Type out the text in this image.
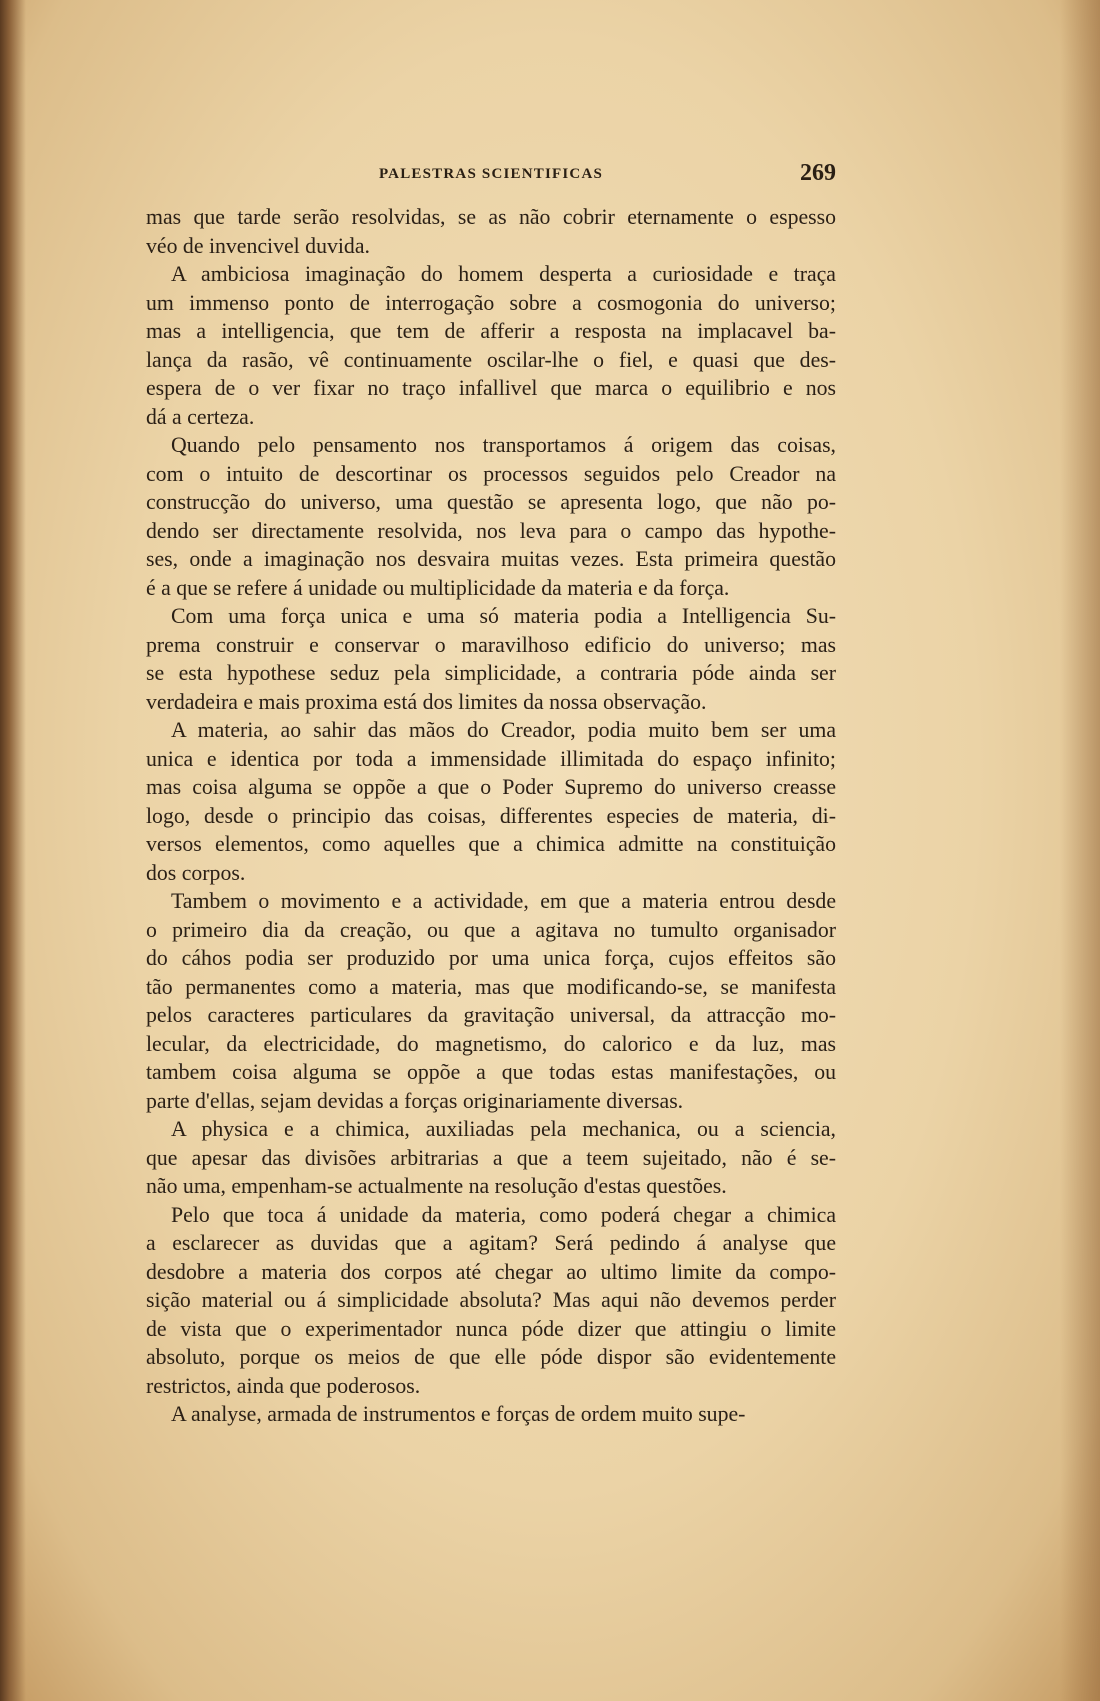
PALESTRAS SCIENTIFICAS	269

mas que tarde serão resolvidas, se as não cobrir eternamente o espesso

véo de invencivel duvida.

A ambiciosa imaginação do homem desperta a curiosidade e traça

um immenso ponto de interrogação sobre a cosmogonia do universo;

mas a intelligencia, que tem de afferir a resposta na implacavel ba-

lança da rasão, vê continuamente oscilar-lhe o fiel, e quasi que des-

espera de o ver fixar no traço infallivel que marca o equilibrio e nos

dá a certeza.

Quando pelo pensamento nos transportamos á origem das coisas,

com o intuito de descortinar os processos seguidos pelo Creador na

construcção do universo, uma questão se apresenta logo, que não po-

dendo ser directamente resolvida, nos leva para o campo das hypothe-

ses, onde a imaginação nos desvaira muitas vezes. Esta primeira questão

é a que se refere á unidade ou multiplicidade da materia e da força.

Com uma força unica e uma só materia podia a Intelligencia Su-

prema construir e conservar o maravilhoso edificio do universo; mas

se esta hypothese seduz pela simplicidade, a contraria póde ainda ser

verdadeira e mais proxima está dos limites da nossa observação.

A materia, ao sahir das mãos do Creador, podia muito bem ser uma

unica e identica por toda a immensidade illimitada do espaço infinito;

mas coisa alguma se oppõe a que o Poder Supremo do universo creasse

logo, desde o principio das coisas, differentes especies de materia, di-

versos elementos, como aquelles que a chimica admitte na constituição

dos corpos.

Tambem o movimento e a actividade, em que a materia entrou desde

o primeiro dia da creação, ou que a agitava no tumulto organisador

do cáhos podia ser produzido por uma unica força, cujos effeitos são

tão permanentes como a materia, mas que modificando-se, se manifesta

pelos caracteres particulares da gravitação universal, da attracção mo-

lecular, da electricidade, do magnetismo, do calorico e da luz, mas

tambem coisa alguma se oppõe a que todas estas manifestações, ou

parte d'ellas, sejam devidas a forças originariamente diversas.

A physica e a chimica, auxiliadas pela mechanica, ou a sciencia,

que apesar das divisões arbitrarias a que a teem sujeitado, não é se-

não uma, empenham-se actualmente na resolução d'estas questões.

Pelo que toca á unidade da materia, como poderá chegar a chimica

a esclarecer as duvidas que a agitam? Será pedindo á analyse que

desdobre a materia dos corpos até chegar ao ultimo limite da compo-

sição material ou á simplicidade absoluta? Mas aqui não devemos perder

de vista que o experimentador nunca póde dizer que attingiu o limite

absoluto, porque os meios de que elle póde dispor são evidentemente

restrictos, ainda que poderosos.

A analyse, armada de instrumentos e forças de ordem muito supe-
